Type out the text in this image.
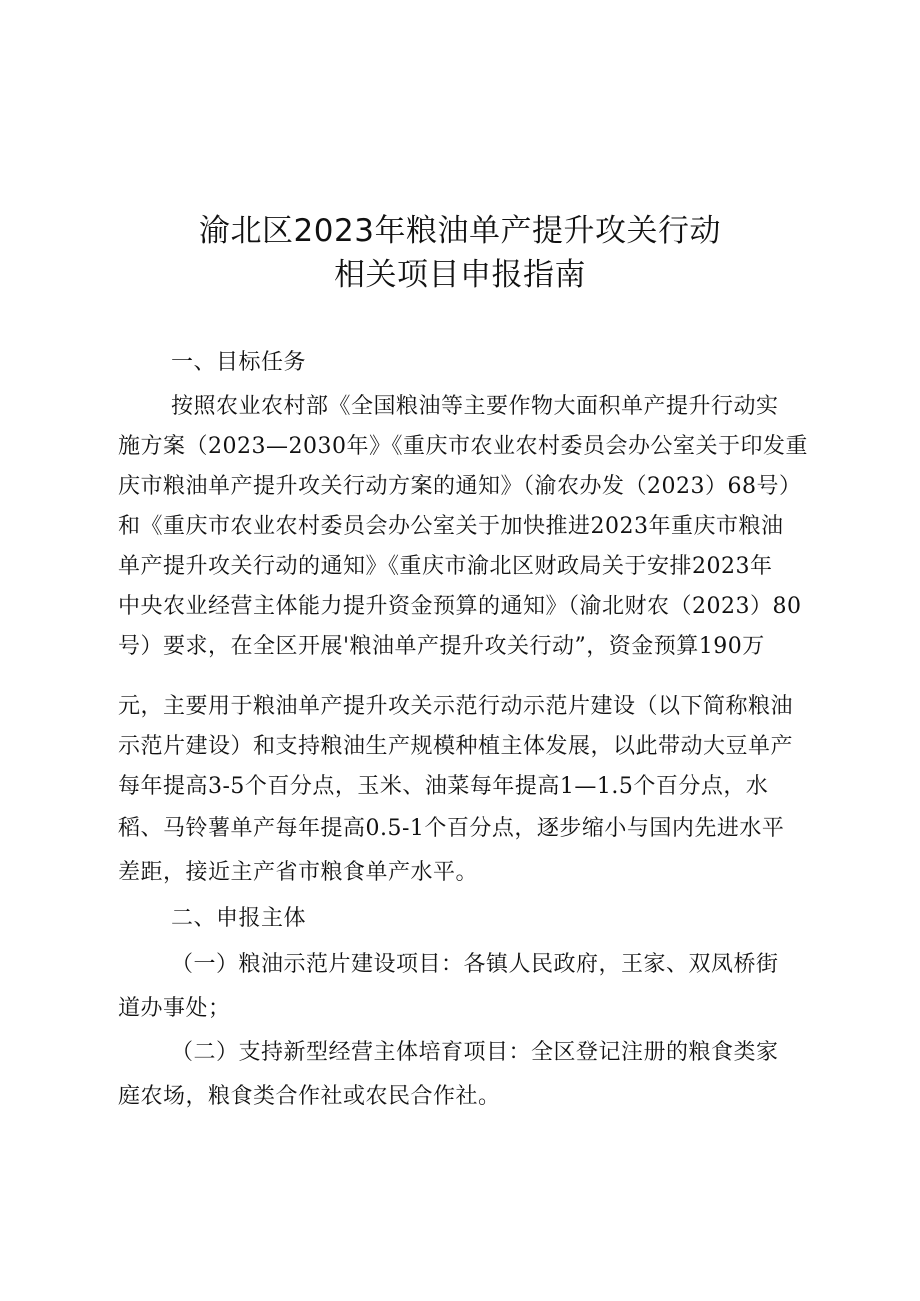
渝北区2023年粮油单产提升攻关行动
相关项目申报指南
一、目标任务
按照农业农村部《全国粮油等主要作物大面积单产提升行动实
施方案（2023—2030年》《重庆市农业农村委员会办公室关于印发重
庆市粮油单产提升攻关行动方案的通知》（渝农办发（2023）68号）
和《重庆市农业农村委员会办公室关于加快推进2023年重庆市粮油
单产提升攻关行动的通知》《重庆市渝北区财政局关于安排2023年
中央农业经营主体能力提升资金预算的通知》（渝北财农（2023）80
号）要求，在全区开展'粮油单产提升攻关行动”，资金预算190万
元，主要用于粮油单产提升攻关示范行动示范片建设（以下简称粮油
示范片建设）和支持粮油生产规模种植主体发展，以此带动大豆单产
每年提高3-5个百分点，玉米、油菜每年提高1—1.5个百分点，水
稻、马铃薯单产每年提高0.5-1个百分点，逐步缩小与国内先进水平
差距，接近主产省市粮食单产水平。
二、申报主体
（一）粮油示范片建设项目：各镇人民政府，王家、双凤桥街
道办事处；
（二）支持新型经营主体培育项目：全区登记注册的粮食类家
庭农场，粮食类合作社或农民合作社。
